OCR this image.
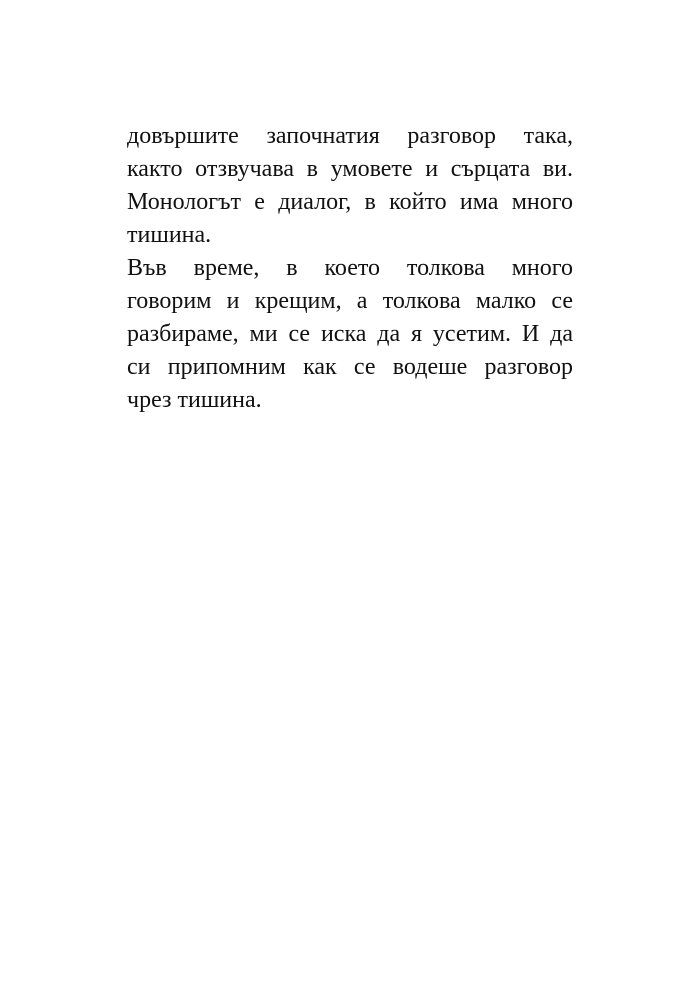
довършите започнатия разговор така,
както отзвучава в умовете и сърцата ви.
Монологът е диалог, в който има много
тишина.
Във време, в което толкова много
говорим и крещим, а толкова малко се
разбираме, ми се иска да я усетим. И да
си припомним как се водеше разговор
чрез тишина.
